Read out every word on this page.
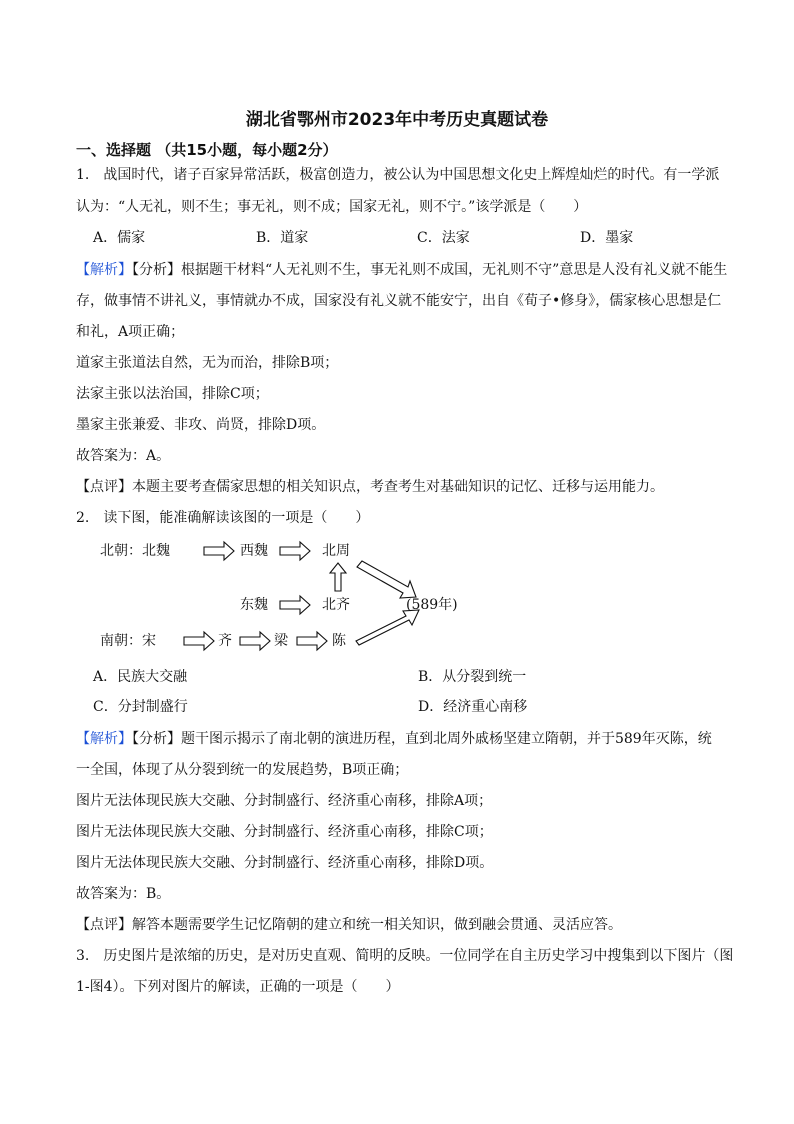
湖北省鄂州市2023年中考历史真题试卷
一、选择题 （共15小题，每小题2分）
1.　战国时代，诸子百家异常活跃，极富创造力，被公认为中国思想文化史上辉煌灿烂的时代。有一学派
认为：“人无礼，则不生；事无礼，则不成；国家无礼，则不宁。”该学派是（　　）
A．儒家	B．道家	C．法家	D．墨家
【解析】【分析】根据题干材料“人无礼则不生，事无礼则不成国，无礼则不守”意思是人没有礼义就不能生
存，做事情不讲礼义，事情就办不成，国家没有礼义就不能安宁，出自《荀子•修身》，儒家核心思想是仁
和礼，A项正确；
道家主张道法自然，无为而治，排除B项；
法家主张以法治国，排除C项；
墨家主张兼爱、非攻、尚贤，排除D项。
故答案为：A。
【点评】本题主要考查儒家思想的相关知识点，考查考生对基础知识的记忆、迁移与运用能力。
2.　读下图，能准确解读该图的一项是（　　）
北朝：北魏	西魏	北周
东魏	北齐	(589年)
南朝：宋	齐	梁	陈
A．民族大交融	B．从分裂到统一
C．分封制盛行	D．经济重心南移
【解析】【分析】题干图示揭示了南北朝的演进历程，直到北周外戚杨坚建立隋朝，并于589年灭陈，统
一全国，体现了从分裂到统一的发展趋势，B项正确；
图片无法体现民族大交融、分封制盛行、经济重心南移，排除A项；
图片无法体现民族大交融、分封制盛行、经济重心南移，排除C项；
图片无法体现民族大交融、分封制盛行、经济重心南移，排除D项。
故答案为：B。
【点评】解答本题需要学生记忆隋朝的建立和统一相关知识，做到融会贯通、灵活应答。
3.　历史图片是浓缩的历史，是对历史直观、简明的反映。一位同学在自主历史学习中搜集到以下图片（图
1-图4）。下列对图片的解读，正确的一项是（　　）
